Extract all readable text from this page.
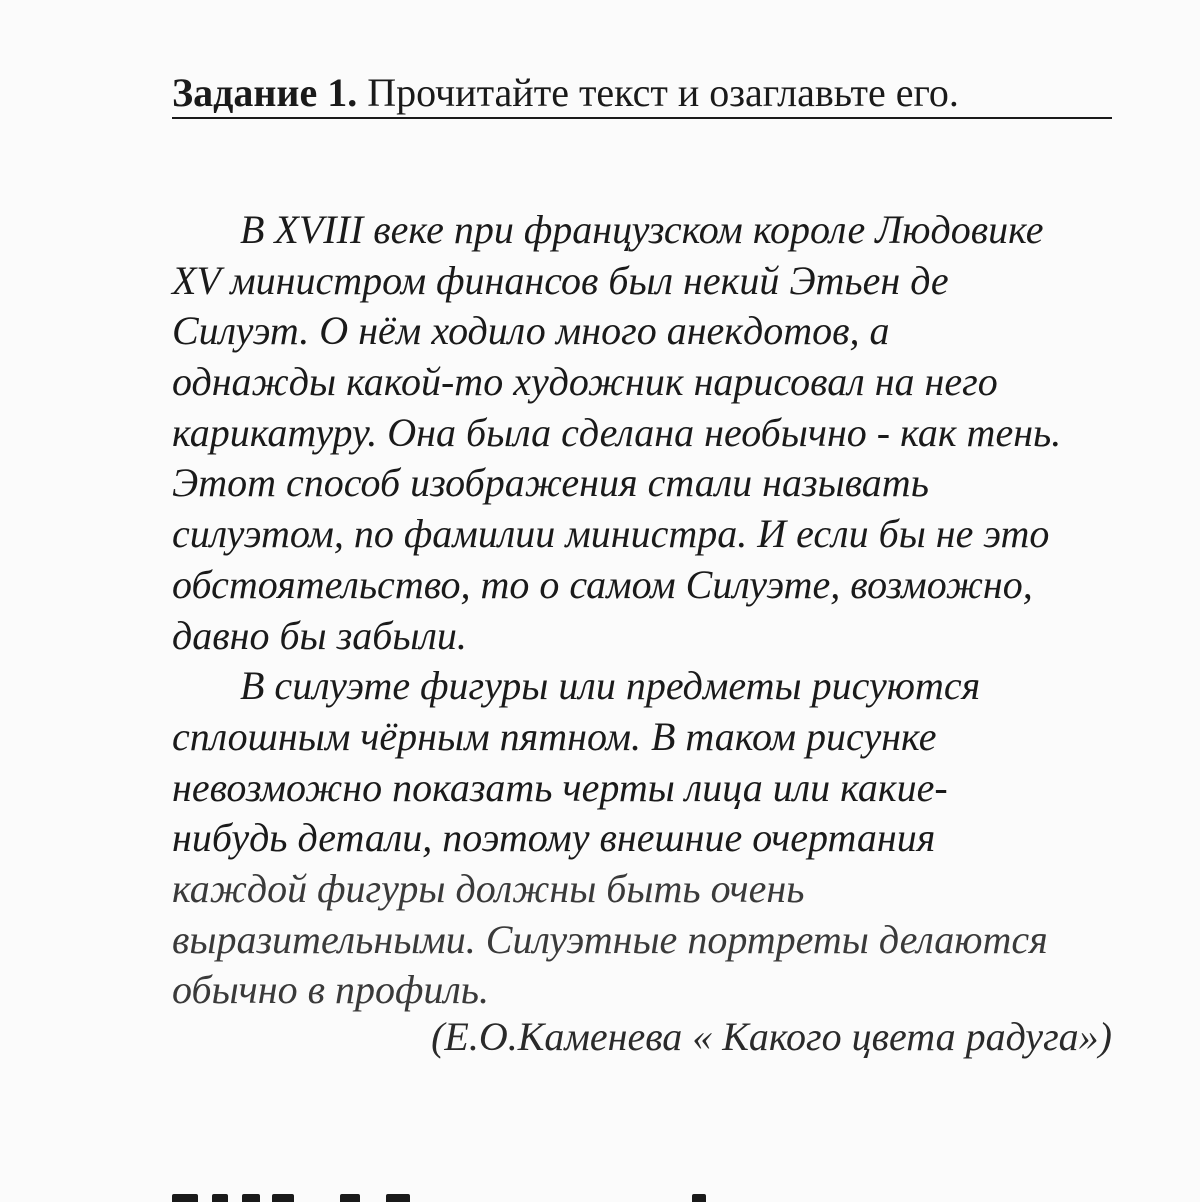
Задание 1. Прочитайте текст и озаглавьте его.
В XVIII веке при французском короле Людовике
XV министром финансов был некий Этьен де
Силуэт. О нём ходило много анекдотов, а
однажды какой-то художник нарисовал на него
карикатуру. Она была сделана необычно - как тень.
Этот способ изображения стали называть
силуэтом, по фамилии министра. И если бы не это
обстоятельство, то о самом Силуэте, возможно,
давно бы забыли.
В силуэте фигуры или предметы рисуются
сплошным чёрным пятном. В таком рисунке
невозможно показать черты лица или какие-
нибудь детали, поэтому внешние очертания
каждой фигуры должны быть очень
выразительными. Силуэтные портреты делаются
обычно в профиль.
(Е.О.Каменева « Какого цвета радуга»)
